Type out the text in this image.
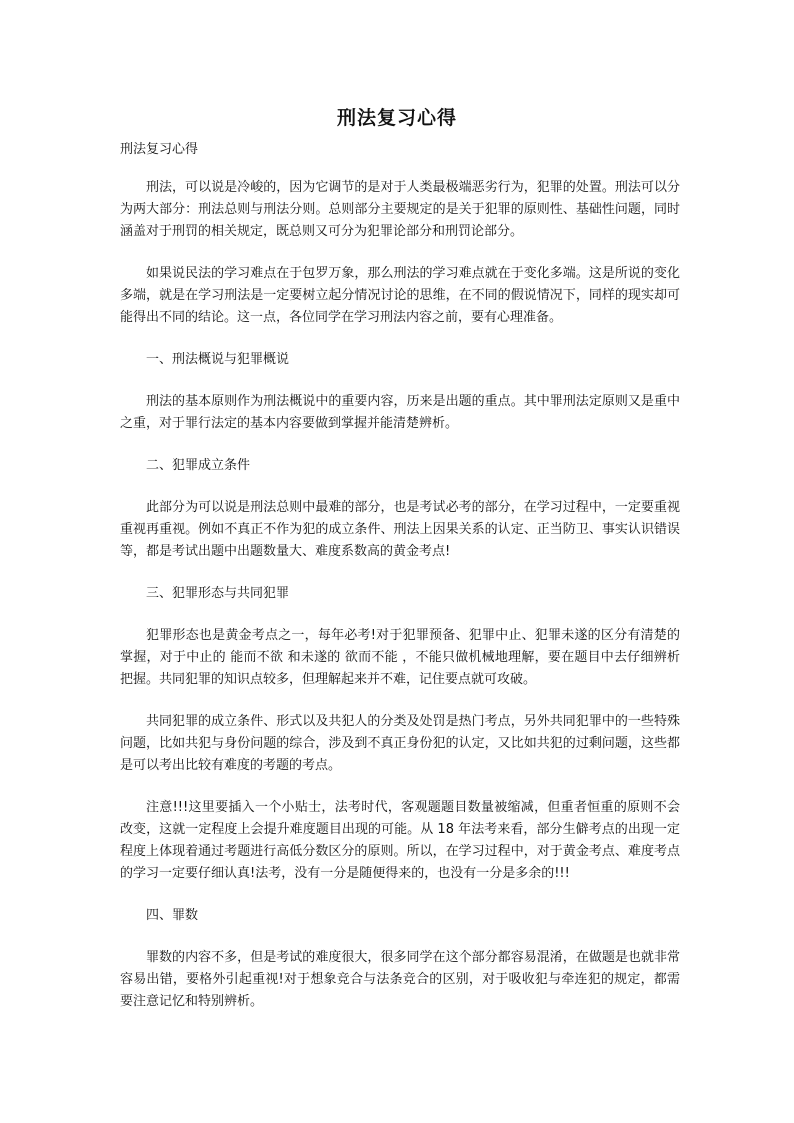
刑法复习心得
刑法复习心得

刑法，可以说是冷峻的，因为它调节的是对于人类最极端恶劣行为，犯罪的处置。刑法可以分为两大部分：刑法总则与刑法分则。总则部分主要规定的是关于犯罪的原则性、基础性问题，同时涵盖对于刑罚的相关规定，既总则又可分为犯罪论部分和刑罚论部分。

如果说民法的学习难点在于包罗万象，那么刑法的学习难点就在于变化多端。这是所说的变化多端，就是在学习刑法是一定要树立起分情况讨论的思维，在不同的假说情况下，同样的现实却可能得出不同的结论。这一点，各位同学在学习刑法内容之前，要有心理准备。

一、刑法概说与犯罪概说

刑法的基本原则作为刑法概说中的重要内容，历来是出题的重点。其中罪刑法定原则又是重中之重，对于罪行法定的基本内容要做到掌握并能清楚辨析。

二、犯罪成立条件

此部分为可以说是刑法总则中最难的部分，也是考试必考的部分，在学习过程中，一定要重视重视再重视。例如不真正不作为犯的成立条件、刑法上因果关系的认定、正当防卫、事实认识错误等，都是考试出题中出题数量大、难度系数高的黄金考点!

三、犯罪形态与共同犯罪

犯罪形态也是黄金考点之一，每年必考!对于犯罪预备、犯罪中止、犯罪未遂的区分有清楚的掌握，对于中止的 能而不欲 和未遂的 欲而不能 ，不能只做机械地理解，要在题目中去仔细辨析把握。共同犯罪的知识点较多，但理解起来并不难，记住要点就可攻破。

共同犯罪的成立条件、形式以及共犯人的分类及处罚是热门考点，另外共同犯罪中的一些特殊问题，比如共犯与身份问题的综合，涉及到不真正身份犯的认定，又比如共犯的过剩问题，这些都是可以考出比较有难度的考题的考点。

注意!!!这里要插入一个小贴士，法考时代，客观题题目数量被缩减，但重者恒重的原则不会改变，这就一定程度上会提升难度题目出现的可能。从 18 年法考来看，部分生僻考点的出现一定程度上体现着通过考题进行高低分数区分的原则。所以，在学习过程中，对于黄金考点、难度考点的学习一定要仔细认真!法考，没有一分是随便得来的，也没有一分是多余的!!!

四、罪数

罪数的内容不多，但是考试的难度很大，很多同学在这个部分都容易混淆，在做题是也就非常容易出错，要格外引起重视!对于想象竞合与法条竞合的区别，对于吸收犯与牵连犯的规定，都需要注意记忆和特别辨析。
